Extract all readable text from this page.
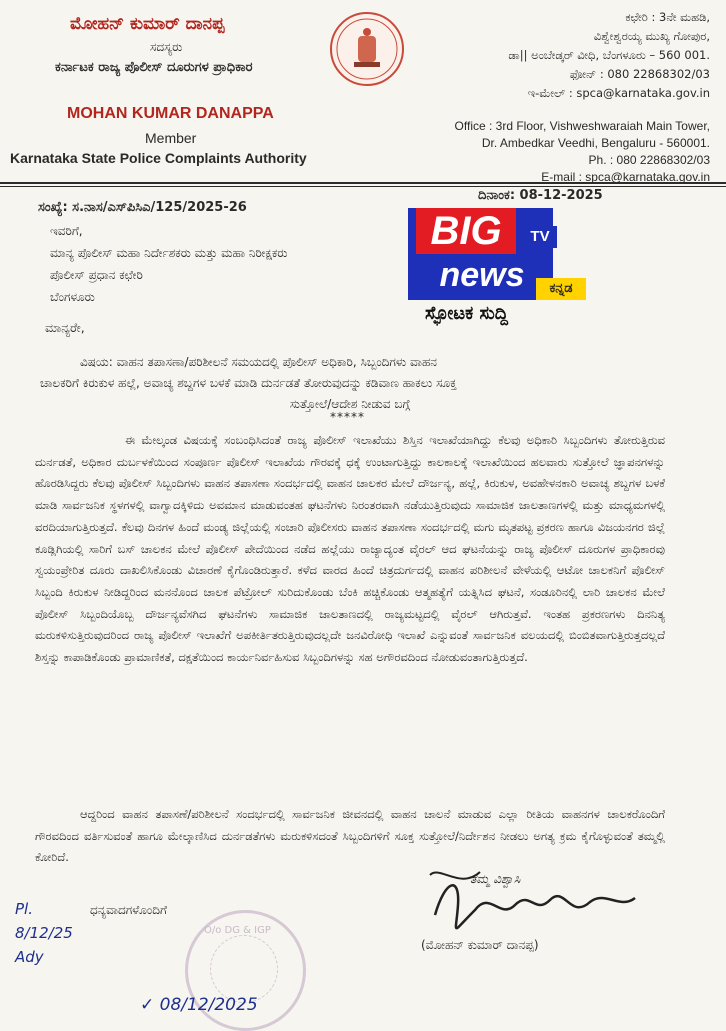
ಮೋಹನ್ ಕುಮಾರ್ ದಾನಪ್ಪ
ಸದಸ್ಯರು
ಕರ್ನಾಟಕ ರಾಜ್ಯ ಪೊಲೀಸ್ ದೂರುಗಳ ಪ್ರಾಧಿಕಾರ
MOHAN KUMAR DANAPPA
Member
Karnataka State Police Complaints Authority
ಕಛೇರಿ : 3ನೇ ಮಹಡಿ,
ವಿಶ್ವೇಶ್ವರಯ್ಯ ಮುಖ್ಯ ಗೋಪುರ,
ಡಾ|| ಅಂಬೇಡ್ಕರ್ ವೀಧಿ, ಬೆಂಗಳೂರು – 560 001.
ಫೋನ್ : 080 22868302/03
ಇ-ಮೇಲ್ : spca@karnataka.gov.in
Office : 3rd Floor, Vishweshwaraiah Main Tower,
Dr. Ambedkar Veedhi, Bengaluru - 560001.
Ph. : 080 22868302/03
E-mail : spca@karnataka.gov.in
ಸಂಖ್ಯೆ: ಸ.ನಾಸ/ಎಸ್‌ಪಿಸಿಎ/125/2025-26
ದಿನಾಂಕ: 08-12-2025
ಇವರಿಗೆ,
ಮಾನ್ಯ ಪೊಲೀಸ್ ಮಹಾ ನಿರ್ದೇಶಕರು ಮತ್ತು ಮಹಾ ನಿರೀಕ್ಷಕರು
ಪೊಲೀಸ್ ಪ್ರಧಾನ ಕಛೇರಿ
ಬೆಂಗಳೂರು
BIG	TV
news	ಕನ್ನಡ
ಸ್ಫೋಟಕ ಸುದ್ದಿ
ಮಾನ್ಯರೇ,
ವಿಷಯ: ವಾಹನ ತಪಾಸಣಾ/ಪರಿಶೀಲನೆ ಸಮಯದಲ್ಲಿ ಪೊಲೀಸ್ ಅಧಿಕಾರಿ, ಸಿಬ್ಬಂದಿಗಳು ವಾಹನ
ಚಾಲಕರಿಗೆ ಕಿರುಕುಳ ಹಲ್ಲೆ, ಅವಾಚ್ಯ ಶಬ್ದಗಳ ಬಳಕೆ ಮಾಡಿ ದುರ್ನಡತೆ ತೋರುವುದನ್ನು ಕಡಿವಾಣ ಹಾಕಲು ಸೂಕ್ತ
ಸುತ್ತೋಲೆ/ಆದೇಶ ನೀಡುವ ಬಗ್ಗೆ
*****
ಈ ಮೇಲ್ಕಂಡ ವಿಷಯಕ್ಕೆ ಸಂಬಂಧಿಸಿದಂತೆ ರಾಜ್ಯ ಪೊಲೀಸ್ ಇಲಾಖೆಯು ಶಿಸ್ತಿನ ಇಲಾಖೆಯಾಗಿದ್ದು ಕೆಲವು ಅಧಿಕಾರಿ ಸಿಬ್ಬಂದಿಗಳು ತೋರುತ್ತಿರುವ ದುರ್ನಡತೆ, ಅಧಿಕಾರ ದುರ್ಬಳಕೆಯಿಂದ ಸಂಪೂರ್ಣ ಪೊಲೀಸ್ ಇಲಾಖೆಯ ಗೌರವಕ್ಕೆ ಧಕ್ಕೆ ಉಂಟಾಗುತ್ತಿದ್ದು ಕಾಲಕಾಲಕ್ಕೆ ಇಲಾಖೆಯಿಂದ ಹಲವಾರು ಸುತ್ತೋಲೆ ಜ್ಞಾಪನಗಳನ್ನು ಹೊರಡಿಸಿದ್ದರು ಕೆಲವು ಪೊಲೀಸ್ ಸಿಬ್ಬಂದಿಗಳು ವಾಹನ ತಪಾಸಣಾ ಸಂದರ್ಭದಲ್ಲಿ ವಾಹನ ಚಾಲಕರ ಮೇಲೆ ದೌರ್ಜನ್ಯ, ಹಲ್ಲೆ, ಕಿರುಕುಳ, ಅವಹೇಳನಕಾರಿ ಅವಾಚ್ಯ ಶಬ್ದಗಳ ಬಳಕೆ ಮಾಡಿ ಸಾರ್ವಜನಿಕ ಸ್ಥಳಗಳಲ್ಲಿ ವಾಗ್ವಾದಕ್ಕಿಳಿದು ಅವಮಾನ ಮಾಡುವಂತಹ ಘಟನೆಗಳು ನಿರಂತರವಾಗಿ ನಡೆಯುತ್ತಿರುವುದು ಸಾಮಾಜಿಕ ಜಾಲತಾಣಗಳಲ್ಲಿ ಮತ್ತು ಮಾಧ್ಯಮಗಳಲ್ಲಿ ವರದಿಯಾಗುತ್ತಿರುತ್ತದೆ. ಕೆಲವು ದಿನಗಳ ಹಿಂದೆ ಮಂಡ್ಯ ಜಿಲ್ಲೆಯಲ್ಲಿ ಸಂಚಾರಿ ಪೊಲೀಸರು ವಾಹನ ತಪಾಸಣಾ ಸಂದರ್ಭದಲ್ಲಿ ಮಗು ಮೃತಪಟ್ಟ ಪ್ರಕರಣ ಹಾಗೂ ವಿಜಯನಗರ ಜಿಲ್ಲೆ ಕೂಡ್ಲಿಗಿಯಲ್ಲಿ ಸಾರಿಗೆ ಬಸ್ ಚಾಲಕನ ಮೇಲೆ ಪೊಲೀಸ್ ಪೇದೆಯಿಂದ ನಡೆದ ಹಲ್ಲೆಯು ರಾಜ್ಯಾದ್ಯಂತ ವೈರಲ್ ಆದ ಘಟನೆಯನ್ನು ರಾಜ್ಯ ಪೊಲೀಸ್ ದೂರುಗಳ ಪ್ರಾಧಿಕಾರವು ಸ್ವಯಂಪ್ರೇರಿತ ದೂರು ದಾಖಲಿಸಿಕೊಂಡು ವಿಚಾರಣೆ ಕೈಗೊಂಡಿರುತ್ತಾರೆ. ಕಳೆದ ವಾರದ ಹಿಂದೆ ಚಿತ್ರದುರ್ಗದಲ್ಲಿ ವಾಹನ ಪರಿಶೀಲನೆ ವೇಳೆಯಲ್ಲಿ ಆಟೋ ಚಾಲಕನಿಗೆ ಪೊಲೀಸ್ ಸಿಬ್ಬಂದಿ ಕಿರುಕುಳ ನೀಡಿದ್ದರಿಂದ ಮನನೊಂದ ಚಾಲಕ ಪೆಟ್ರೋಲ್ ಸುರಿದುಕೊಂಡು ಬೆಂಕಿ ಹಚ್ಚಿಕೊಂಡು ಆತ್ಮಹತ್ಯೆಗೆ ಯತ್ನಿಸಿದ ಘಟನೆ, ಸಂಡೂರಿನಲ್ಲಿ ಲಾರಿ ಚಾಲಕನ ಮೇಲೆ ಪೊಲೀಸ್ ಸಿಬ್ಬಂದಿಯೊಬ್ಬ ದೌರ್ಜನ್ಯವೆಸಗಿದ ಘಟನೆಗಳು ಸಾಮಾಜಿಕ ಜಾಲತಾಣದಲ್ಲಿ ರಾಜ್ಯಮಟ್ಟದಲ್ಲಿ ವೈರಲ್ ಆಗಿರುತ್ತವೆ. ಇಂತಹ ಪ್ರಕರಣಗಳು ದಿನನಿತ್ಯ ಮರುಕಳಿಸುತ್ತಿರುವುದರಿಂದ ರಾಜ್ಯ ಪೊಲೀಸ್ ಇಲಾಖೆಗೆ ಅಪಕೀರ್ತಿತರುತ್ತಿರುವುದಲ್ಲದೇ ಜನವಿರೋಧಿ ಇಲಾಖೆ ಎನ್ನುವಂತೆ ಸಾರ್ವಜನಿಕ ವಲಯದಲ್ಲಿ ಬಿಂಬಿತವಾಗುತ್ತಿರುತ್ತದಲ್ಲದೆ ಶಿಸ್ತನ್ನು ಕಾಪಾಡಿಕೊಂಡು ಪ್ರಾಮಾಣಿಕತೆ, ದಕ್ಷತೆಯಿಂದ ಕಾರ್ಯನಿರ್ವಹಿಸುವ ಸಿಬ್ಬಂದಿಗಳನ್ನು ಸಹ ಅಗೌರವದಿಂದ ನೋಡುವಂತಾಗುತ್ತಿರುತ್ತದೆ.
ಆದ್ದರಿಂದ ವಾಹನ ತಪಾಸಣೆ/ಪರಿಶೀಲನೆ ಸಂದರ್ಭದಲ್ಲಿ ಸಾರ್ವಜನಿಕ ಜೀವನದಲ್ಲಿ ವಾಹನ ಚಾಲನೆ ಮಾಡುವ ಎಲ್ಲಾ ರೀತಿಯ ವಾಹನಗಳ ಚಾಲಕರೊಂದಿಗೆ ಗೌರವದಿಂದ ವರ್ತಿಸುವಂತೆ ಹಾಗೂ ಮೇಲ್ಕಾಣಿಸಿದ ದುರ್ನಡತೆಗಳು ಮರುಕಳಿಸದಂತೆ ಸಿಬ್ಬಂದಿಗಳಿಗೆ ಸೂಕ್ತ ಸುತ್ತೋಲೆ/ನಿರ್ದೇಶನ ನೀಡಲು ಅಗತ್ಯ ಕ್ರಮ ಕೈಗೊಳ್ಳುವಂತೆ ತಮ್ಮಲ್ಲಿ ಕೋರಿದೆ.
ಧನ್ಯವಾದಗಳೊಂದಿಗೆ
ತಮ್ಮ ವಿಶ್ವಾಸಿ
(ಮೋಹನ್ ಕುಮಾರ್ ದಾನಪ್ಪ)
O/o DG & IGP
Pl.
8/12/25
Ady
✓ 08/12/2025
